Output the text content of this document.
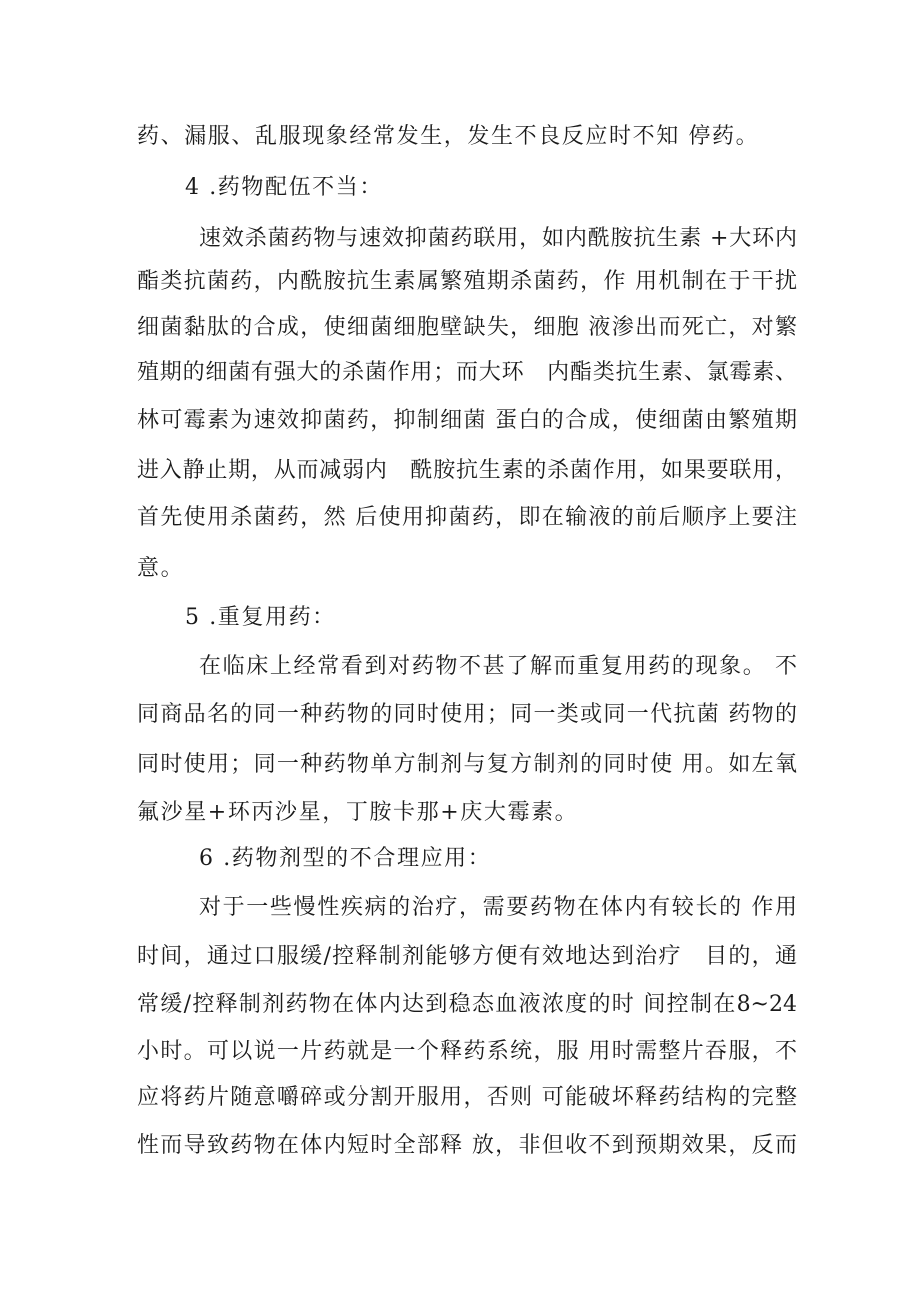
药、漏服、乱服现象经常发生，发生不良反应时不知 停药。
4 .药物配伍不当：
速效杀菌药物与速效抑菌药联用，如内酰胺抗生素 +大环内
酯类抗菌药，内酰胺抗生素属繁殖期杀菌药，作 用机制在于干扰
细菌黏肽的合成，使细菌细胞壁缺失，细胞 液渗出而死亡，对繁
殖期的细菌有强大的杀菌作用；而大环　内酯类抗生素、氯霉素、
林可霉素为速效抑菌药，抑制细菌 蛋白的合成，使细菌由繁殖期
进入静止期，从而减弱内　酰胺抗生素的杀菌作用，如果要联用，
首先使用杀菌药，然 后使用抑菌药，即在输液的前后顺序上要注
意。
5 .重复用药：
在临床上经常看到对药物不甚了解而重复用药的现象。 不
同商品名的同一种药物的同时使用；同一类或同一代抗菌 药物的
同时使用；同一种药物单方制剂与复方制剂的同时使 用。如左氧
氟沙星+环丙沙星，丁胺卡那+庆大霉素。
6 .药物剂型的不合理应用：
对于一些慢性疾病的治疗，需要药物在体内有较长的 作用
时间，通过口服缓/控释制剂能够方便有效地达到治疗　目的，通
常缓/控释制剂药物在体内达到稳态血液浓度的时 间控制在8~24
小时。可以说一片药就是一个释药系统，服 用时需整片吞服，不
应将药片随意嚼碎或分割开服用，否则 可能破坏释药结构的完整
性而导致药物在体内短时全部释 放，非但收不到预期效果，反而
